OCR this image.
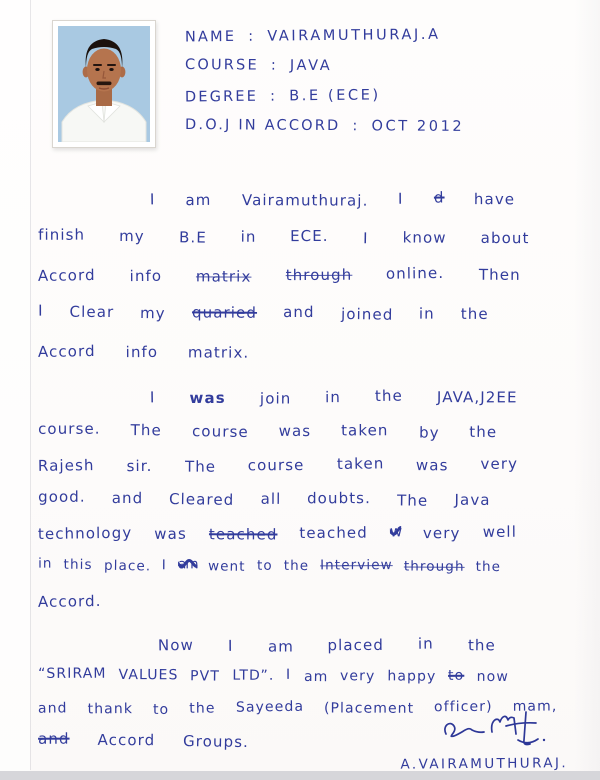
NAME : VAIRAMUTHURAJ.A
COURSE : JAVA
DEGREE : B.E (ECE)
D.O.J IN ACCORD : OCT 2012
I am Vairamuthuraj. I d have
finish my B.E in ECE. I know about
Accord info matrix through online. Then
I Clear my quaried and joined in the
Accord info matrix.
I was join in the JAVA,J2EE
course. The course was taken by the
Rajesh sir. The course taken was very
good. and Cleared all doubts. The Java
technology was teached teached w very well
in this place. I am went to the Interview through the
Accord.
Now I am placed in the
“SRIRAM VALUES PVT LTD”. I am very happy to now
and thank to the Sayeeda (Placement officer) mam,
and Accord Groups.
A.VAIRAMUTHURAJ.
